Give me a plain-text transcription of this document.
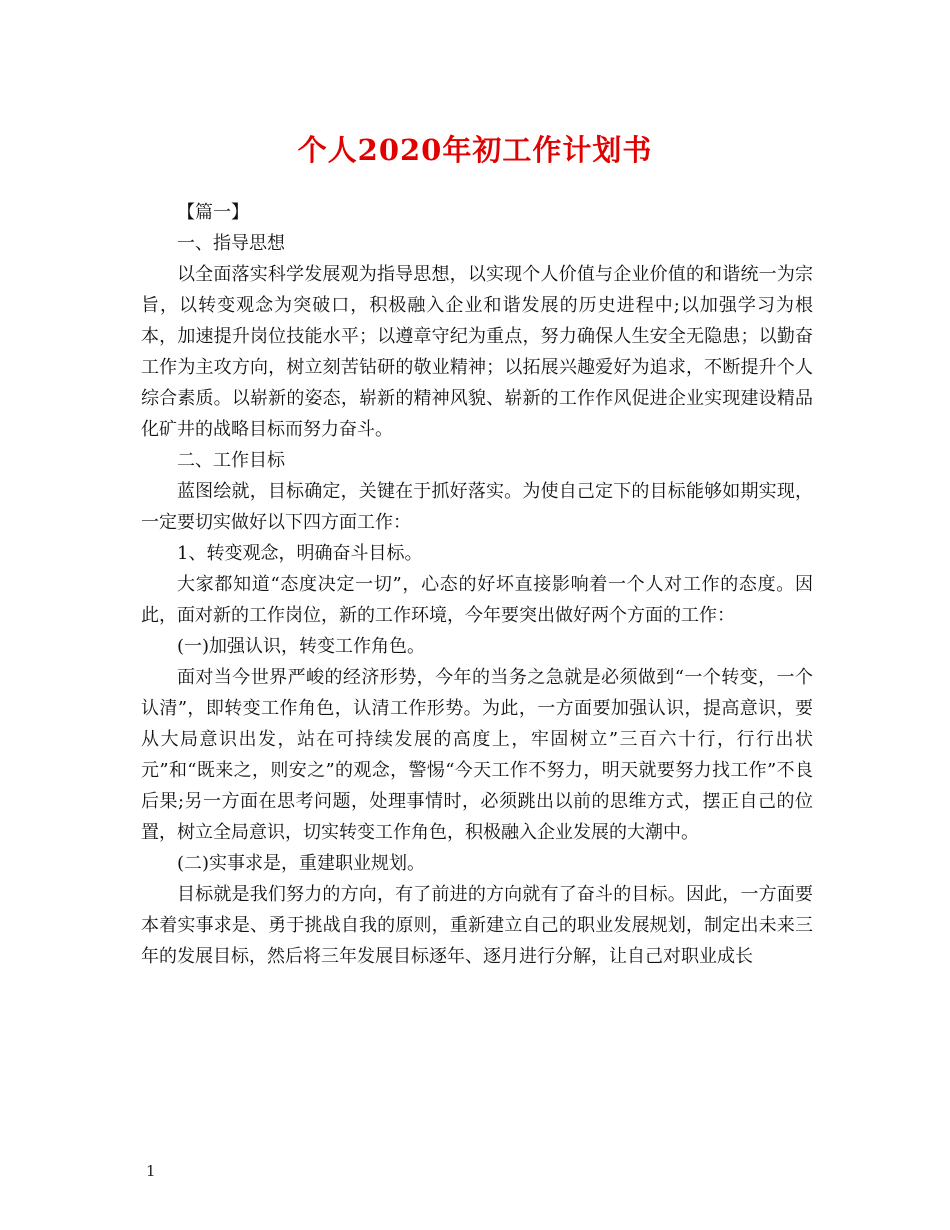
个人2020年初工作计划书

【篇一】

一、指导思想

以全面落实科学发展观为指导思想，以实现个人价值与企业价值的和谐统一为宗旨，以转变观念为突破口，积极融入企业和谐发展的历史进程中;以加强学习为根本，加速提升岗位技能水平；以遵章守纪为重点，努力确保人生安全无隐患；以勤奋工作为主攻方向，树立刻苦钻研的敬业精神；以拓展兴趣爱好为追求，不断提升个人综合素质。以崭新的姿态，崭新的精神风貌、崭新的工作作风促进企业实现建设精品化矿井的战略目标而努力奋斗。

二、工作目标

蓝图绘就，目标确定，关键在于抓好落实。为使自己定下的目标能够如期实现，一定要切实做好以下四方面工作：

1、转变观念，明确奋斗目标。

大家都知道“态度决定一切”，心态的好坏直接影响着一个人对工作的态度。因此，面对新的工作岗位，新的工作环境，今年要突出做好两个方面的工作：

(一)加强认识，转变工作角色。

面对当今世界严峻的经济形势，今年的当务之急就是必须做到“一个转变，一个认清”，即转变工作角色，认清工作形势。为此，一方面要加强认识，提高意识，要从大局意识出发，站在可持续发展的高度上，牢固树立”三百六十行，行行出状元”和“既来之，则安之”的观念，警惕“今天工作不努力，明天就要努力找工作”不良后果;另一方面在思考问题，处理事情时，必须跳出以前的思维方式，摆正自己的位置，树立全局意识，切实转变工作角色，积极融入企业发展的大潮中。

(二)实事求是，重建职业规划。

目标就是我们努力的方向，有了前进的方向就有了奋斗的目标。因此，一方面要本着实事求是、勇于挑战自我的原则，重新建立自己的职业发展规划，制定出未来三年的发展目标，然后将三年发展目标逐年、逐月进行分解，让自己对职业成长

1
